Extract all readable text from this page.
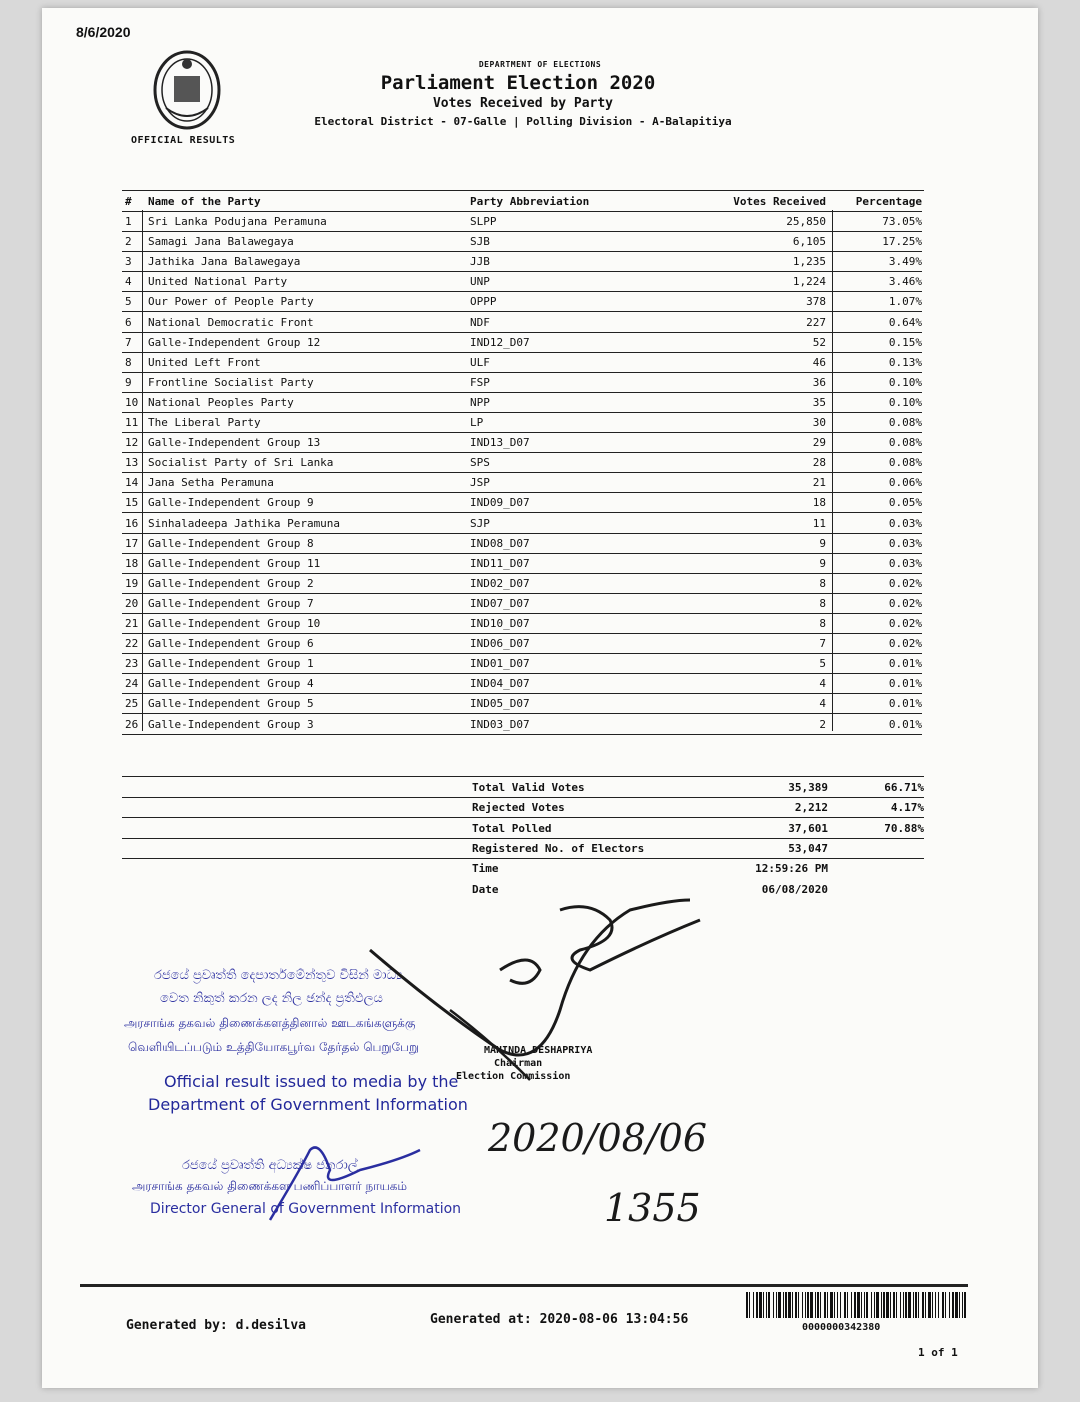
8/6/2020
OFFICIAL RESULTS
DEPARTMENT OF ELECTIONS
Parliament Election 2020
Votes Received by Party
Electoral District - 07-Galle | Polling Division - A-Balapitiya
# Name of the Party	Party Abbreviation	Votes Received	Percentage
1 Sri Lanka Podujana Peramuna	SLPP	25,850	73.05%
2 Samagi Jana Balawegaya	SJB	6,105	17.25%
3 Jathika Jana Balawegaya	JJB	1,235	3.49%
4 United National Party	UNP	1,224	3.46%
5 Our Power of People Party	OPPP	378	1.07%
6 National Democratic Front	NDF	227	0.64%
7 Galle-Independent Group 12	IND12_D07	52	0.15%
8 United Left Front	ULF	46	0.13%
9 Frontline Socialist Party	FSP	36	0.10%
10 National Peoples Party	NPP	35	0.10%
11 The Liberal Party	LP	30	0.08%
12 Galle-Independent Group 13	IND13_D07	29	0.08%
13 Socialist Party of Sri Lanka	SPS	28	0.08%
14 Jana Setha Peramuna	JSP	21	0.06%
15 Galle-Independent Group 9	IND09_D07	18	0.05%
16 Sinhaladeepa Jathika Peramuna	SJP	11	0.03%
17 Galle-Independent Group 8	IND08_D07	9	0.03%
18 Galle-Independent Group 11	IND11_D07	9	0.03%
19 Galle-Independent Group 2	IND02_D07	8	0.02%
20 Galle-Independent Group 7	IND07_D07	8	0.02%
21 Galle-Independent Group 10	IND10_D07	8	0.02%
22 Galle-Independent Group 6	IND06_D07	7	0.02%
23 Galle-Independent Group 1	IND01_D07	5	0.01%
24 Galle-Independent Group 4	IND04_D07	4	0.01%
25 Galle-Independent Group 5	IND05_D07	4	0.01%
26 Galle-Independent Group 3	IND03_D07	2	0.01%
Total Valid Votes	35,389	66.71%
Rejected Votes	2,212	4.17%
Total Polled	37,601	70.88%
Registered No. of Electors	53,047
Time	12:59:26 PM
Date	06/08/2020
රජයේ ප්‍රවෘත්ති දෙපාර්තමේන්තුව විසින් මාධ්‍ය
වෙත නිකුත් කරන ලද නිල ඡන්ද ප්‍රතිඵලය
அரசாங்க தகவல் திணைக்களத்தினால் ஊடகங்களுக்கு
வெளியிடப்படும் உத்தியோகபூர்வ தேர்தல் பெறுபேறு
Official result issued to media by the
Department of Government Information
රජයේ ප්‍රවෘත්ති අධ්‍යක්ෂ ජනරාල්
அரசாங்க தகவல் திணைக்கள பணிப்பாளர் நாயகம்
Director General of Government Information
MAHINDA DESHAPRIYA
Chairman
Election Commission
2020/08/06
1355
Generated by: d.desilva	Generated at: 2020-08-06 13:04:56
0000000342380
1 of 1
